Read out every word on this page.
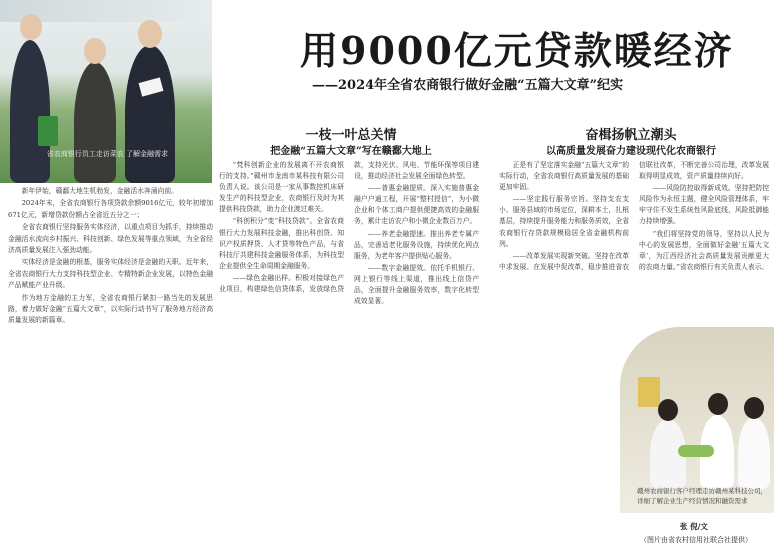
省农商银行员工走访菜农 了解金融需求
用9000亿元贷款暖经济
——2024年全省农商银行做好金融“五篇大文章”纪实

新年伊始，赣鄱大地生机勃发，金融活水奔涌向前。

2024年末，全省农商银行各项贷款余额9016亿元，较年初增加671亿元，新增贷款份额占全省近五分之一；

全省农商银行坚持服务实体经济，以重点项目为抓手，持续推动金融活水流向乡村振兴、科技创新、绿色发展等重点领域，为全省经济高质量发展注入强劲动能。

实体经济是金融的根基，服务实体经济是金融的天职。近年来，全省农商银行大力支持科技型企业、专精特新企业发展，以特色金融产品赋能产业升级。

作为地方金融的主力军，全省农商银行紧扣一路当先的发展思路，着力做好金融“五篇大文章”，以实际行动书写了服务地方经济高质量发展的新篇章。

一枝一叶总关情
把金融“五篇大文章”写在赣鄱大地上

“梵科创新企业的发展离不开农商银行的支持。”赣州市龙南市某科技有限公司负责人说。该公司是一家从事数控机床研发生产的科技型企业，农商银行及时为其提供科技贷款，助力企业渡过难关。

“科创积分”变“科技贷款”。全省农商银行大力发展科技金融，推出科创贷、知识产权质押贷、人才贷等特色产品，与省科技厅共建科技金融服务体系，为科技型企业提供全生命周期金融服务。

——绿色金融出样。积极对接绿色产业项目，构建绿色信贷体系，发放绿色贷款，支持光伏、风电、节能环保等项目建设，推动经济社会发展全面绿色转型。

——普惠金融提质。深入实施普惠金融户户通工程，开展“整村授信”，为小微企业和个体工商户提供便捷高效的金融服务，累计走访农户和小微企业数百万户。

——养老金融提速。推出养老专属产品，完善适老化服务设施，持续优化网点服务，为老年客户提供贴心服务。

——数字金融提效。依托手机银行、网上银行等线上渠道，推出线上信贷产品，全面提升金融服务效率，数字化转型成效显著。

奋楫扬帆立潮头
以高质量发展奋力建设现代化农商银行

正是有了坚定落实金融“五篇大文章”的实际行动，全省农商银行高质量发展的基础更加牢固。

——坚定践行服务宗旨。坚持支农支小、服务县域的市场定位，深耕本土，扎根基层，持续提升服务能力和服务质效，全省农商银行存贷款规模稳居全省金融机构前列。

——改革发展实现新突破。坚持在改革中求发展、在发展中促改革，稳步推进省农信联社改革，不断完善公司治理，改革发展取得明显成效，资产质量持续向好。

——风险防控取得新成效。坚持把防控风险作为永恒主题，健全风险管理体系，牢牢守住不发生系统性风险底线，风险抵御能力持续增强。

“我们将坚持党的领导，坚持以人民为中心的发展思想，全面做好金融‘五篇大文章’，为江西经济社会高质量发展贡献更大的农商力量。”省农商银行有关负责人表示。

赣州农商银行客户经理走访赣州某科技公司，详细了解企业生产经营情况和融资需求
张 倪/文
（图片由省农村信用社联合社提供）
